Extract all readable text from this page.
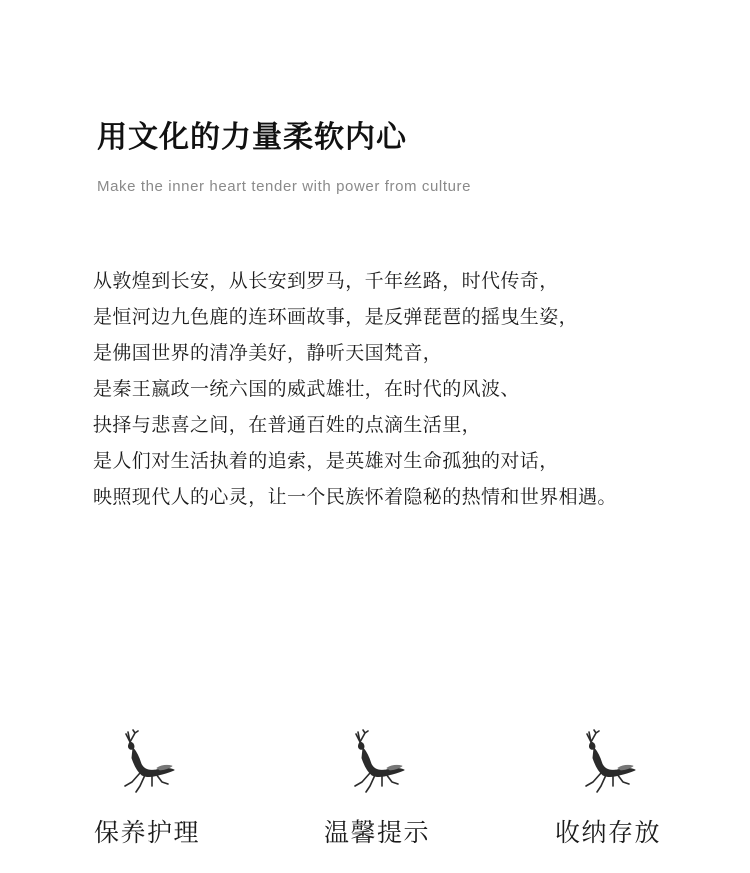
用文化的力量柔软内心

Make the inner heart tender with power from culture

从敦煌到长安，从长安到罗马，千年丝路，时代传奇，
是恒河边九色鹿的连环画故事，是反弹琵琶的摇曳生姿，
是佛国世界的清净美好，静听天国梵音，
是秦王嬴政一统六国的威武雄壮，在时代的风波、
抉择与悲喜之间，在普通百姓的点滴生活里，
是人们对生活执着的追索，是英雄对生命孤独的对话，
映照现代人的心灵，让一个民族怀着隐秘的热情和世界相遇。
保养护理	温馨提示	收纳存放
